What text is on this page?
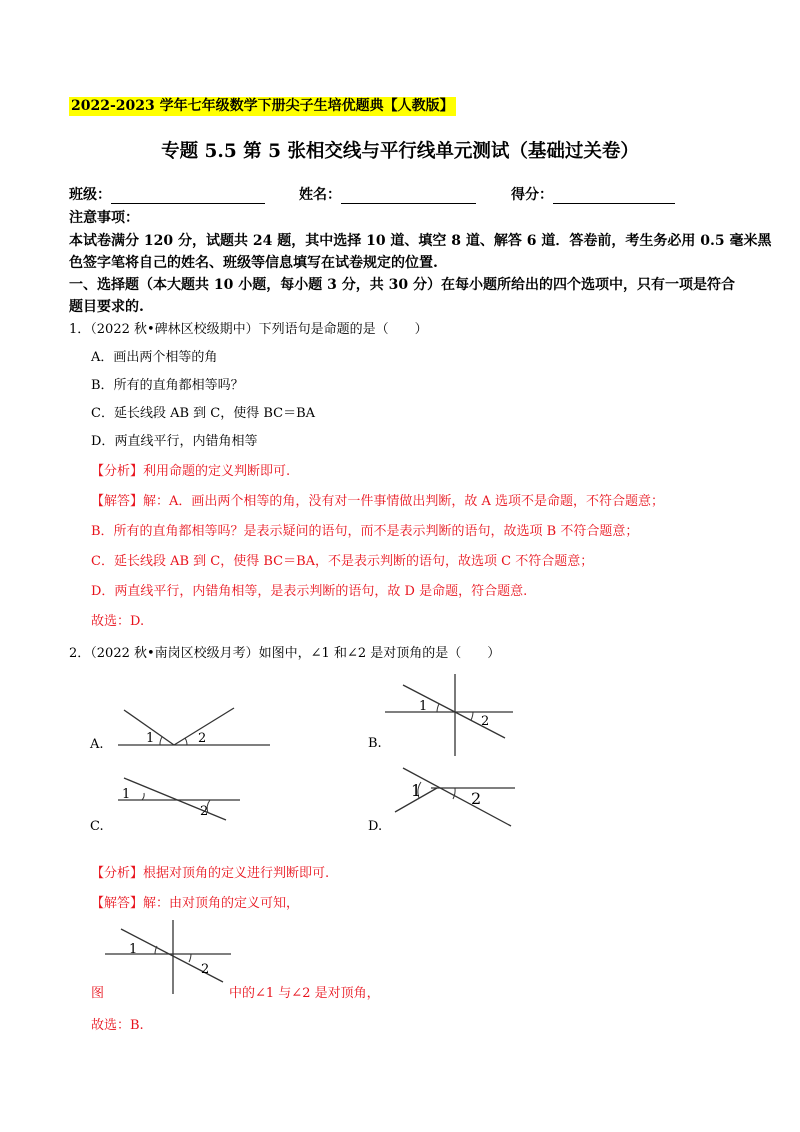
2022-2023 学年七年级数学下册尖子生培优题典【人教版】
专题 5.5 第 5 张相交线与平行线单元测试（基础过关卷）
班级：	姓名：	得分：
注意事项：
本试卷满分 120 分，试题共 24 题，其中选择 10 道、填空 8 道、解答 6 道．答卷前，考生务必用 0.5 毫米黑
色签字笔将自己的姓名、班级等信息填写在试卷规定的位置.
一、选择题（本大题共 10 小题，每小题 3 分，共 30 分）在每小题所给出的四个选项中，只有一项是符合
题目要求的.
1．（2022 秋•碑林区校级期中）下列语句是命题的是（　　）
A．画出两个相等的角
B．所有的直角都相等吗？
C．延长线段 AB 到 C，使得 BC＝BA
D．两直线平行，内错角相等
【分析】利用命题的定义判断即可.
【解答】解：A．画出两个相等的角，没有对一件事情做出判断，故 A 选项不是命题，不符合题意；
B．所有的直角都相等吗？是表示疑问的语句，而不是表示判断的语句，故选项 B 不符合题意；
C．延长线段 AB 到 C，使得 BC＝BA，不是表示判断的语句，故选项 C 不符合题意；
D．两直线平行，内错角相等，是表示判断的语句，故 D 是命题，符合题意.
故选：D.
2．（2022 秋•南岗区校级月考）如图中，∠1 和∠2 是对顶角的是（　　）
1	2
A.
1
2
B.
1
2
C.
1	2
D.
【分析】根据对顶角的定义进行判断即可.
【解答】解：由对顶角的定义可知，
1
2
图	中的∠1 与∠2 是对顶角，
故选：B.
